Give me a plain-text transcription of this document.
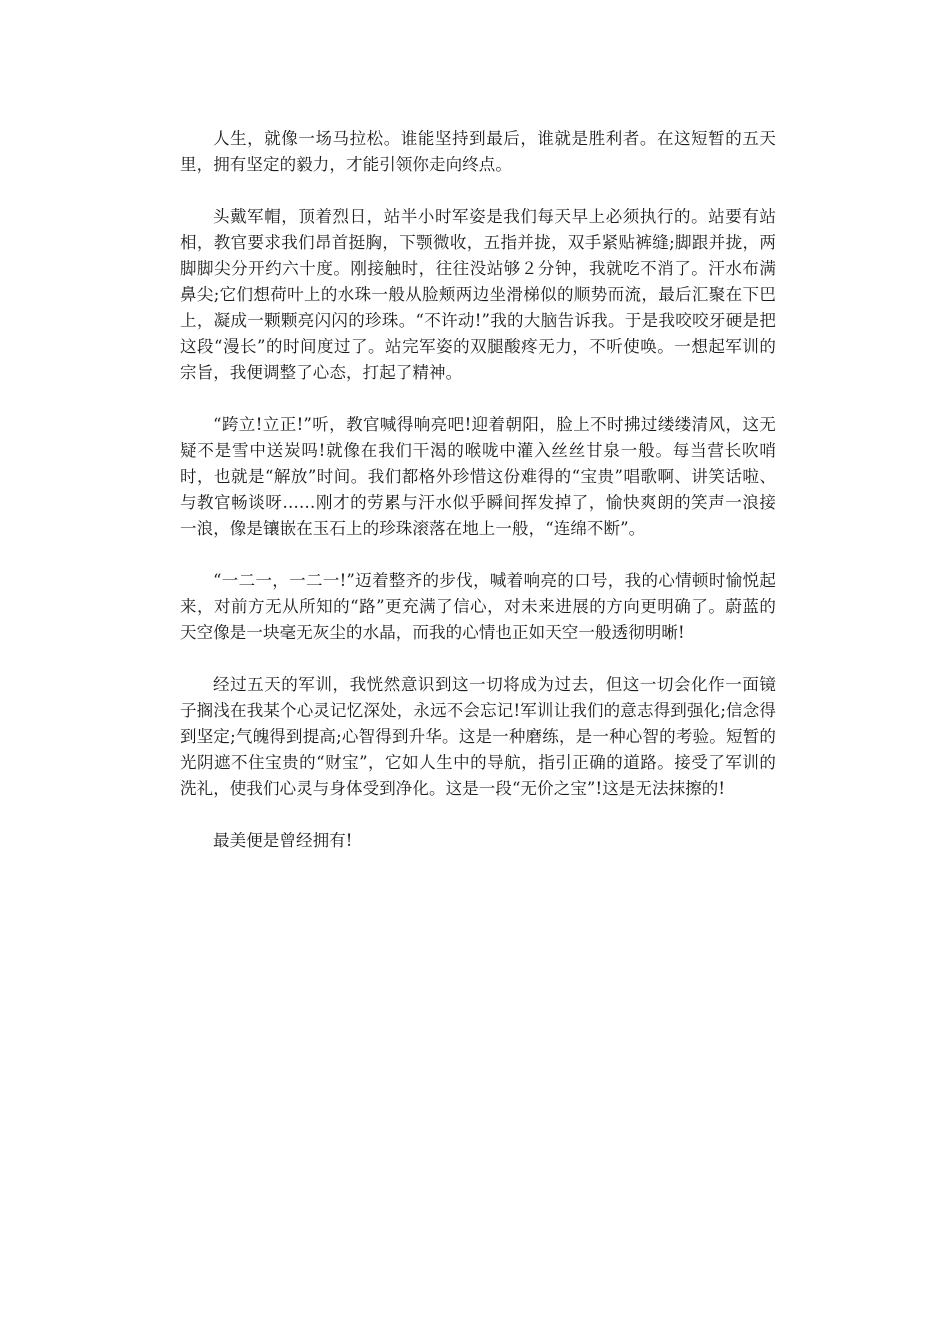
人生，就像一场马拉松。谁能坚持到最后，谁就是胜利者。在这短暂的五天里，拥有坚定的毅力，才能引领你走向终点。

头戴军帽，顶着烈日，站半小时军姿是我们每天早上必须执行的。站要有站相，教官要求我们昂首挺胸，下颚微收，五指并拢，双手紧贴裤缝;脚跟并拢，两脚脚尖分开约六十度。刚接触时，往往没站够２分钟，我就吃不消了。汗水布满鼻尖;它们想荷叶上的水珠一般从脸颊两边坐滑梯似的顺势而流，最后汇聚在下巴上，凝成一颗颗亮闪闪的珍珠。“不许动!”我的大脑告诉我。于是我咬咬牙硬是把这段“漫长”的时间度过了。站完军姿的双腿酸疼无力，不听使唤。一想起军训的宗旨，我便调整了心态，打起了精神。

“跨立!立正!”听，教官喊得响亮吧!迎着朝阳，脸上不时拂过缕缕清风，这无疑不是雪中送炭吗!就像在我们干渴的喉咙中灌入丝丝甘泉一般。每当营长吹哨时，也就是“解放”时间。我们都格外珍惜这份难得的“宝贵”唱歌啊、讲笑话啦、与教官畅谈呀……刚才的劳累与汗水似乎瞬间挥发掉了，愉快爽朗的笑声一浪接一浪，像是镶嵌在玉石上的珍珠滚落在地上一般，“连绵不断”。

“一二一，一二一!”迈着整齐的步伐，喊着响亮的口号，我的心情顿时愉悦起来，对前方无从所知的“路”更充满了信心，对未来进展的方向更明确了。蔚蓝的天空像是一块毫无灰尘的水晶，而我的心情也正如天空一般透彻明晰!

经过五天的军训，我恍然意识到这一切将成为过去，但这一切会化作一面镜子搁浅在我某个心灵记忆深处，永远不会忘记!军训让我们的意志得到强化;信念得到坚定;气魄得到提高;心智得到升华。这是一种磨练，是一种心智的考验。短暂的光阴遮不住宝贵的“财宝”，它如人生中的导航，指引正确的道路。接受了军训的洗礼，使我们心灵与身体受到净化。这是一段“无价之宝”!这是无法抹擦的!

最美便是曾经拥有!
